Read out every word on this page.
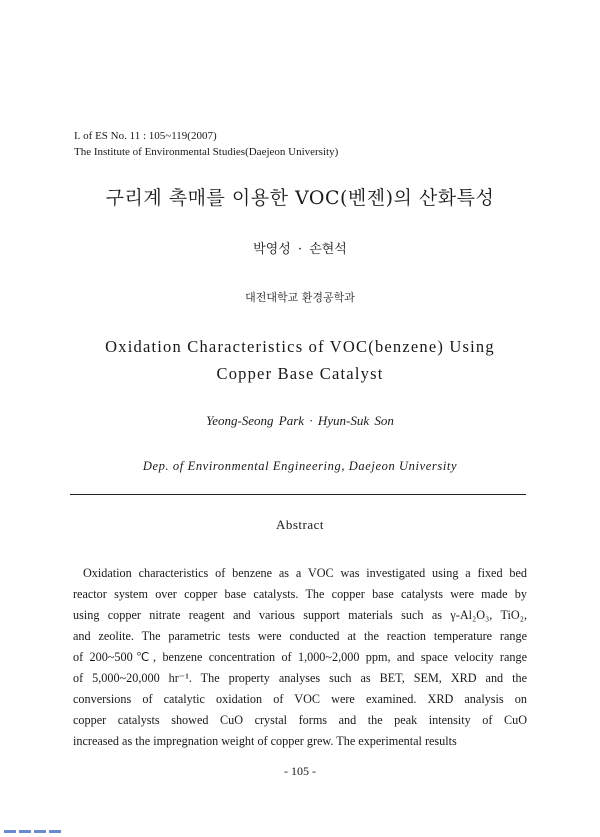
I. of ES No. 11 : 105~119(2007)
The Institute of Environmental Studies(Daejeon University)
구리계 촉매를 이용한 VOC(벤젠)의 산화특성
박영성 · 손현석
대전대학교 환경공학과
Oxidation Characteristics of VOC(benzene) Using
Copper Base Catalyst
Yeong-Seong Park · Hyun-Suk Son
Dep. of Environmental Engineering, Daejeon University
Abstract
Oxidation characteristics of benzene as a VOC was investigated using a fixed bed
reactor system over copper base catalysts. The copper base catalysts were made by
using copper nitrate reagent and various support materials such as γ-Al₂O₃, TiO₂,
and zeolite. The parametric tests were conducted at the reaction temperature range
of 200~500℃, benzene concentration of 1,000~2,000 ppm, and space velocity range
of 5,000~20,000 hr⁻¹. The property analyses such as BET, SEM, XRD and the
conversions of catalytic oxidation of VOC were examined. XRD analysis on
copper catalysts showed CuO crystal forms and the peak intensity of CuO
increased as the impregnation weight of copper grew. The experimental results
- 105 -
